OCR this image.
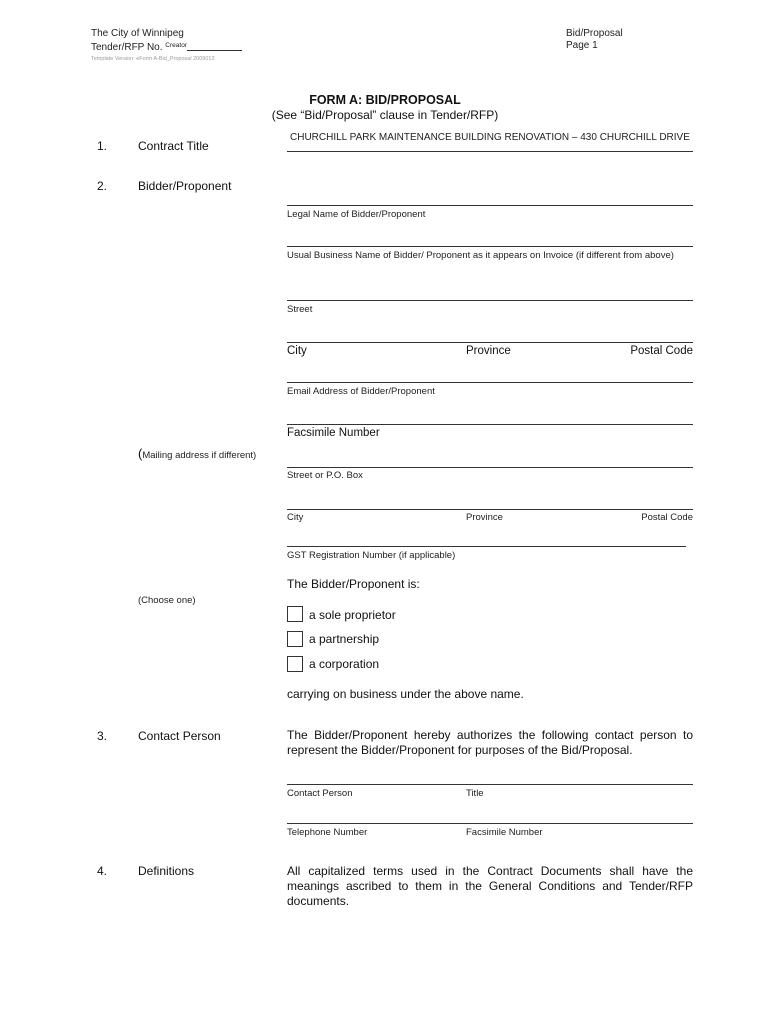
The City of Winnipeg
Tender/RFP No. $^{Creator}$
Template Version: eForm A-Bid_Proposal 2009013
Bid/Proposal
Page 1
FORM A: BID/PROPOSAL
(See “Bid/Proposal” clause in Tender/RFP)
1.	Contract Title
CHURCHILL PARK MAINTENANCE BUILDING RENOVATION – 430 CHURCHILL DRIVE
2.	Bidder/Proponent
Legal Name of Bidder/Proponent
Usual Business Name of Bidder/ Proponent as it appears on Invoice (if different from above)
Street
City	Province	Postal Code
Email Address of Bidder/Proponent
Facsimile Number
(Mailing address if different)
Street or P.O. Box
City	Province	Postal Code
GST Registration Number (if applicable)
The Bidder/Proponent is:
(Choose one)
a sole proprietor
a partnership
a corporation
carrying on business under the above name.
3.	Contact Person	The Bidder/Proponent hereby authorizes the following contact person to represent the Bidder/Proponent for purposes of the Bid/Proposal.
Contact Person	Title
Telephone Number	Facsimile Number
4.	Definitions	All capitalized terms used in the Contract Documents shall have the meanings ascribed to them in the General Conditions and Tender/RFP documents.
